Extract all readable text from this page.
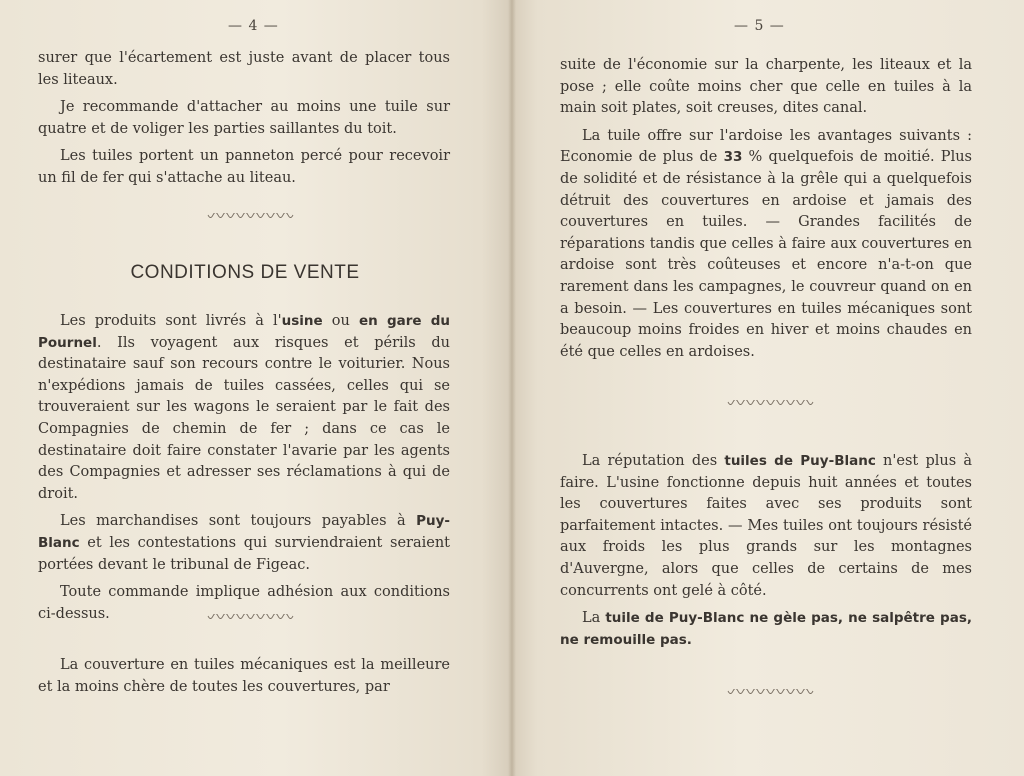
— 4 —

surer que l'écartement est juste avant de placer tous les liteaux.

Je recommande d'attacher au moins une tuile sur quatre et de voliger les parties saillantes du toit.

Les tuiles portent un panneton percé pour recevoir un fil de fer qui s'attache au liteau.

CONDITIONS DE VENTE

Les produits sont livrés à l'usine ou en gare du Pournel. Ils voyagent aux risques et périls du destinataire sauf son recours contre le voiturier. Nous n'expédions jamais de tuiles cassées, celles qui se trouveraient sur les wagons le seraient par le fait des Compagnies de chemin de fer ; dans ce cas le destinataire doit faire constater l'avarie par les agents des Compagnies et adresser ses réclamations à qui de droit.

Les marchandises sont toujours payables à Puy-Blanc et les contestations qui surviendraient seraient portées devant le tribunal de Figeac.

Toute commande implique adhésion aux conditions ci-dessus.

La couverture en tuiles mécaniques est la meilleure et la moins chère de toutes les couvertures, par

— 5 —

suite de l'économie sur la charpente, les liteaux et la pose ; elle coûte moins cher que celle en tuiles à la main soit plates, soit creuses, dites canal.

La tuile offre sur l'ardoise les avantages suivants : Economie de plus de 33 % quelquefois de moitié. Plus de solidité et de résistance à la grêle qui a quelquefois détruit des couvertures en ardoise et jamais des couvertures en tuiles. — Grandes facilités de réparations tandis que celles à faire aux couvertures en ardoise sont très coûteuses et encore n'a-t-on que rarement dans les campagnes, le couvreur quand on en a besoin. — Les couvertures en tuiles mécaniques sont beaucoup moins froides en hiver et moins chaudes en été que celles en ardoises.

La réputation des tuiles de Puy-Blanc n'est plus à faire. L'usine fonctionne depuis huit années et toutes les couvertures faites avec ses produits sont parfaitement intactes. — Mes tuiles ont toujours résisté aux froids les plus grands sur les montagnes d'Auvergne, alors que celles de certains de mes concurrents ont gelé à côté.

La tuile de Puy-Blanc ne gèle pas, ne salpêtre pas, ne remouille pas.
